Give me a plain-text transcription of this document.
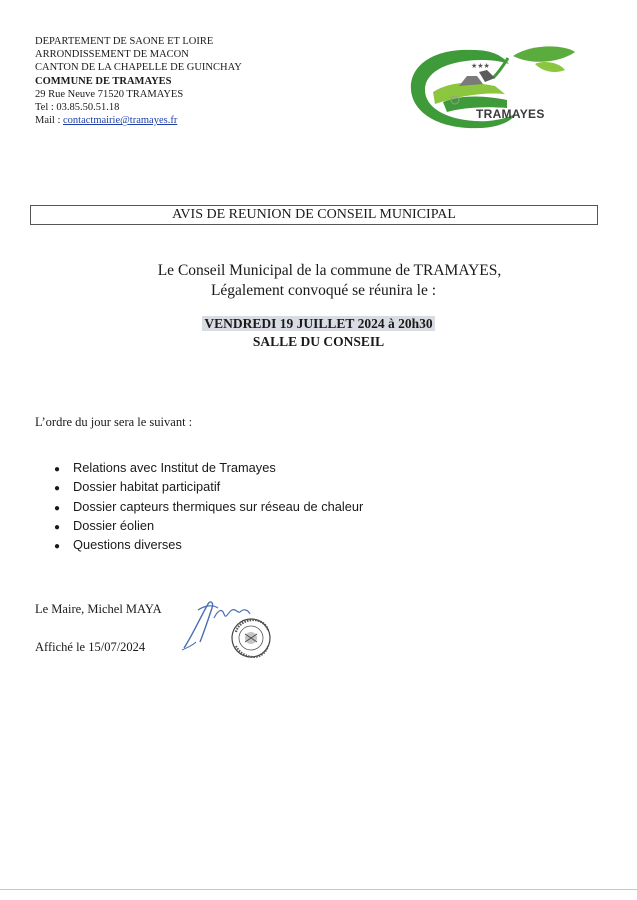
DEPARTEMENT DE SAONE ET LOIRE
ARRONDISSEMENT DE MACON
CANTON DE LA CHAPELLE DE GUINCHAY
COMMUNE DE TRAMAYES
29 Rue Neuve 71520 TRAMAYES
Tel : 03.85.50.51.18
Mail : contactmairie@tramayes.fr
★★★
TRAMAYES
AVIS DE REUNION DE CONSEIL MUNICIPAL
Le Conseil Municipal de la commune de TRAMAYES,
Légalement convoqué se réunira le :
VENDREDI 19 JUILLET 2024 à 20h30
SALLE DU CONSEIL
L’ordre du jour sera le suivant :
● Relations avec Institut de Tramayes
● Dossier habitat participatif
● Dossier capteurs thermiques sur réseau de chaleur
● Dossier éolien
● Questions diverses
Le Maire, Michel MAYA
Affiché le 15/07/2024
